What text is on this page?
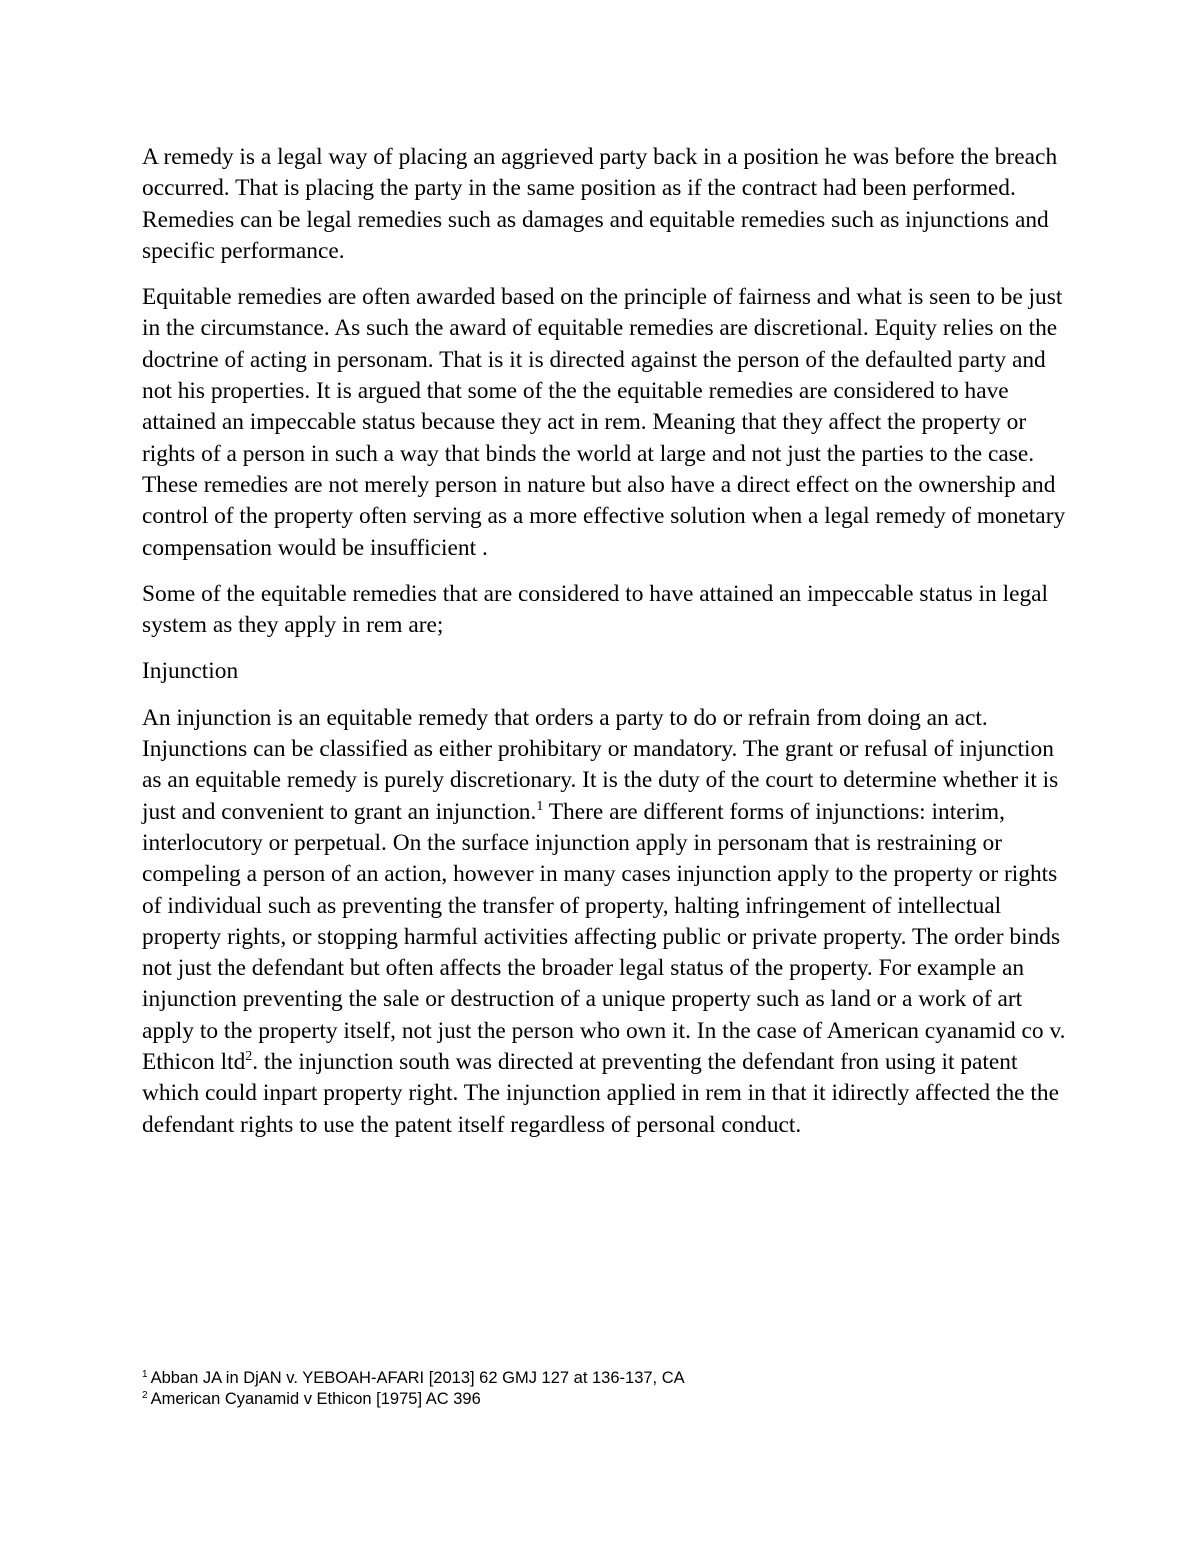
A remedy is a legal way of placing an aggrieved party back in a position he was before the breach occurred. That is placing the party in the same position as if the contract had been performed. Remedies can be legal remedies such as damages and equitable remedies such as injunctions and specific performance.

Equitable remedies are often awarded based on the principle of fairness and what is seen to be just in the circumstance. As such the award of equitable remedies are discretional. Equity relies on the doctrine of acting in personam. That is it is directed against the person of the defaulted party and not his properties. It is argued that some of the the equitable remedies are considered to have attained an impeccable status because they act in rem. Meaning that they affect the property or rights of a person in such a way that binds the world at large and not just the parties to the case. These remedies are not merely person in nature but also have a direct effect on the ownership and control of the property often serving as a more effective solution when a legal remedy of monetary compensation would be insufficient .

Some of the equitable remedies that are considered to have attained an impeccable status in legal system as they apply in rem are;

Injunction

An injunction is an equitable remedy that orders a party to do or refrain from doing an act. Injunctions can be classified as either prohibitary or mandatory. The grant or refusal of injunction as an equitable remedy is purely discretionary. It is the duty of the court to determine whether it is just and convenient to grant an injunction.$^1$ There are different forms of injunctions: interim, interlocutory or perpetual. On the surface injunction apply in personam that is restraining or compeling a person of an action, however in many cases injunction apply to the property or rights of individual such as preventing the transfer of property, halting infringement of intellectual property rights, or stopping harmful activities affecting public or private property. The order binds not just the defendant but often affects the broader legal status of the property. For example an injunction preventing the sale or destruction of a unique property such as land or a work of art apply to the property itself, not just the person who own it. In the case of American cyanamid co v. Ethicon ltd$^2$. the injunction south was directed at preventing the defendant fron using it patent which could inpart property right. The injunction applied in rem in that it idirectly affected the the defendant rights to use the patent itself regardless of personal conduct.

$^1$ Abban JA in DjAN v. YEBOAH-AFARI [2013] 62 GMJ 127 at 136-137, CA
$^2$ American Cyanamid v Ethicon [1975] AC 396
